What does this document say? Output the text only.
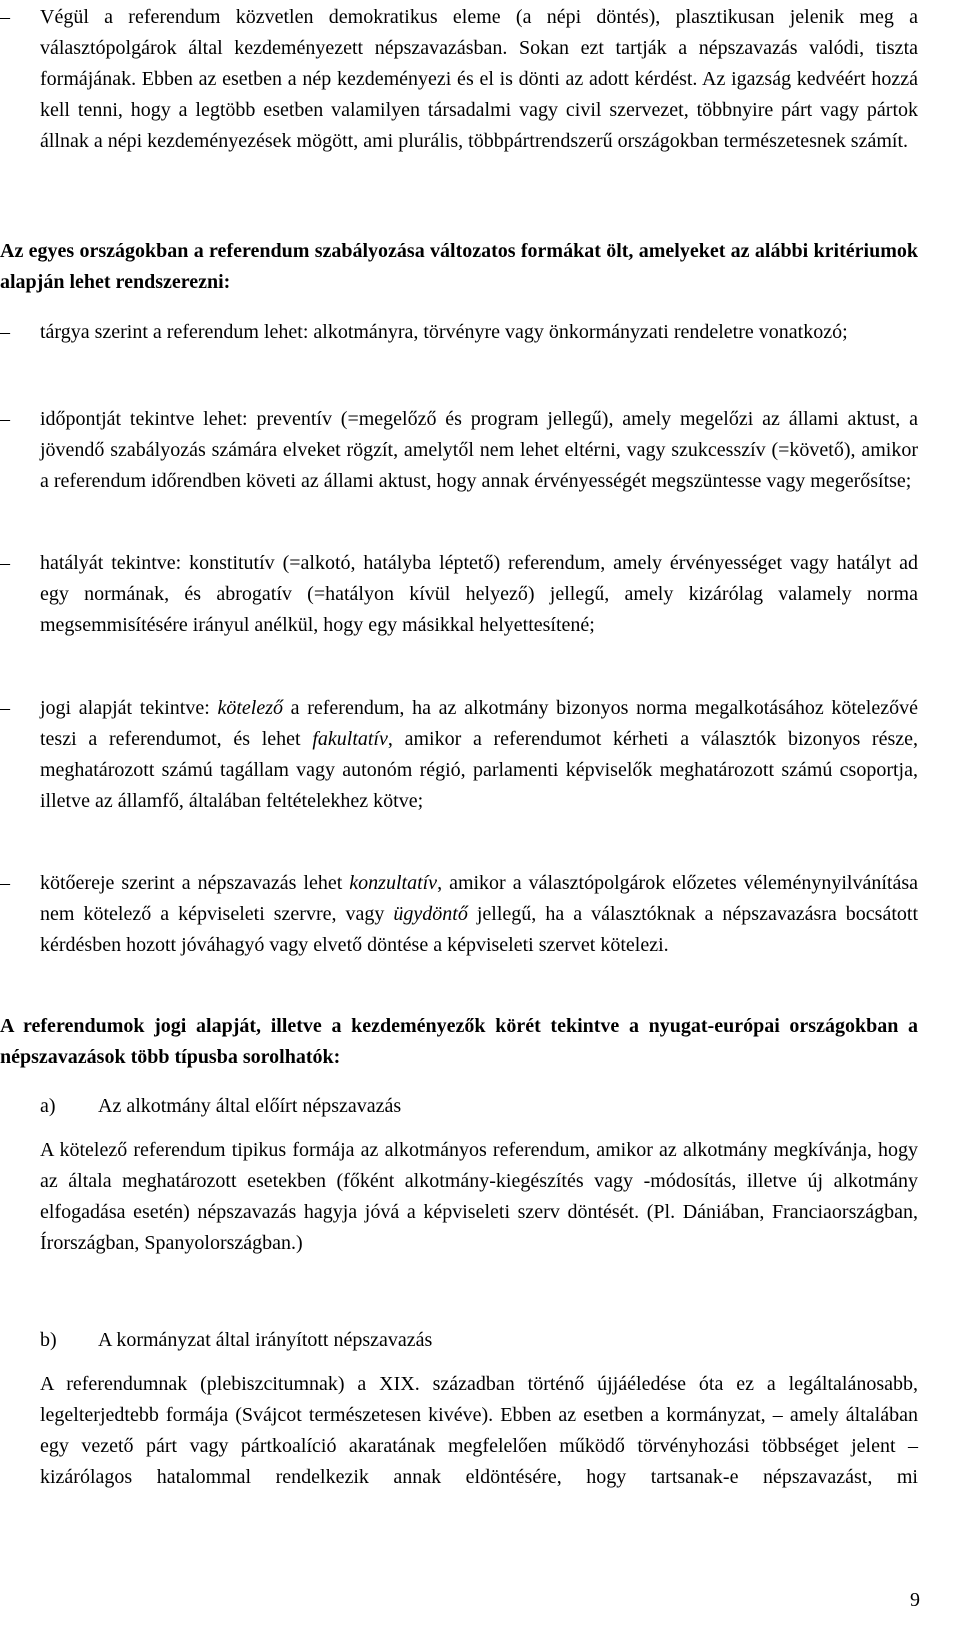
–	Végül a referendum közvetlen demokratikus eleme (a népi döntés), plasztikusan jelenik meg a választópolgárok által kezdeményezett népszavazásban. Sokan ezt tartják a népszavazás valódi, tiszta formájának. Ebben az esetben a nép kezdeményezi és el is dönti az adott kérdést. Az igazság kedvéért hozzá kell tenni, hogy a legtöbb esetben valamilyen társadalmi vagy civil szervezet, többnyire párt vagy pártok állnak a népi kezdeményezések mögött, ami plurális, többpártrendszerű országokban természetesnek számít.
Az egyes országokban a referendum szabályozása változatos formákat ölt, amelyeket az alábbi kritériumok alapján lehet rendszerezni:
–	tárgya szerint a referendum lehet: alkotmányra, törvényre vagy önkormányzati rendeletre vonatkozó;
–	időpontját tekintve lehet: preventív (=megelőző és program jellegű), amely megelőzi az állami aktust, a jövendő szabályozás számára elveket rögzít, amelytől nem lehet eltérni, vagy szukcesszív (=követő), amikor a referendum időrendben követi az állami aktust, hogy annak érvényességét megszüntesse vagy megerősítse;
–	hatályát tekintve: konstitutív (=alkotó, hatályba léptető) referendum, amely érvényességet vagy hatályt ad egy normának, és abrogatív (=hatályon kívül helyező) jellegű, amely kizárólag valamely norma megsemmisítésére irányul anélkül, hogy egy másikkal helyettesítené;
–	jogi alapját tekintve: kötelező a referendum, ha az alkotmány bizonyos norma megalkotásához kötelezővé teszi a referendumot, és lehet fakultatív, amikor a referendumot kérheti a választók bizonyos része, meghatározott számú tagállam vagy autonóm régió, parlamenti képviselők meghatározott számú csoportja, illetve az államfő, általában feltételekhez kötve;
–	kötőereje szerint a népszavazás lehet konzultatív, amikor a választópolgárok előzetes véleménynyilvánítása nem kötelező a képviseleti szervre, vagy ügydöntő jellegű, ha a választóknak a népszavazásra bocsátott kérdésben hozott jóváhagyó vagy elvető döntése a képviseleti szervet kötelezi.
A referendumok jogi alapját, illetve a kezdeményezők körét tekintve a nyugat-európai országokban a népszavazások több típusba sorolhatók:
a) Az alkotmány által előírt népszavazás
A kötelező referendum tipikus formája az alkotmányos referendum, amikor az alkotmány megkívánja, hogy az általa meghatározott esetekben (főként alkotmány-kiegészítés vagy -módosítás, illetve új alkotmány elfogadása esetén) népszavazás hagyja jóvá a képviseleti szerv döntését. (Pl. Dániában, Franciaországban, Írországban, Spanyolországban.)
b) A kormányzat által irányított népszavazás
A referendumnak (plebiszcitumnak) a XIX. században történő újjáéledése óta ez a legáltalánosabb, legelterjedtebb formája (Svájcot természetesen kivéve). Ebben az esetben a kormányzat, – amely általában egy vezető párt vagy pártkoalíció akaratának megfelelően működő törvényhozási többséget jelent – kizárólagos hatalommal rendelkezik annak eldöntésére, hogy tartsanak-e népszavazást, mi
9
